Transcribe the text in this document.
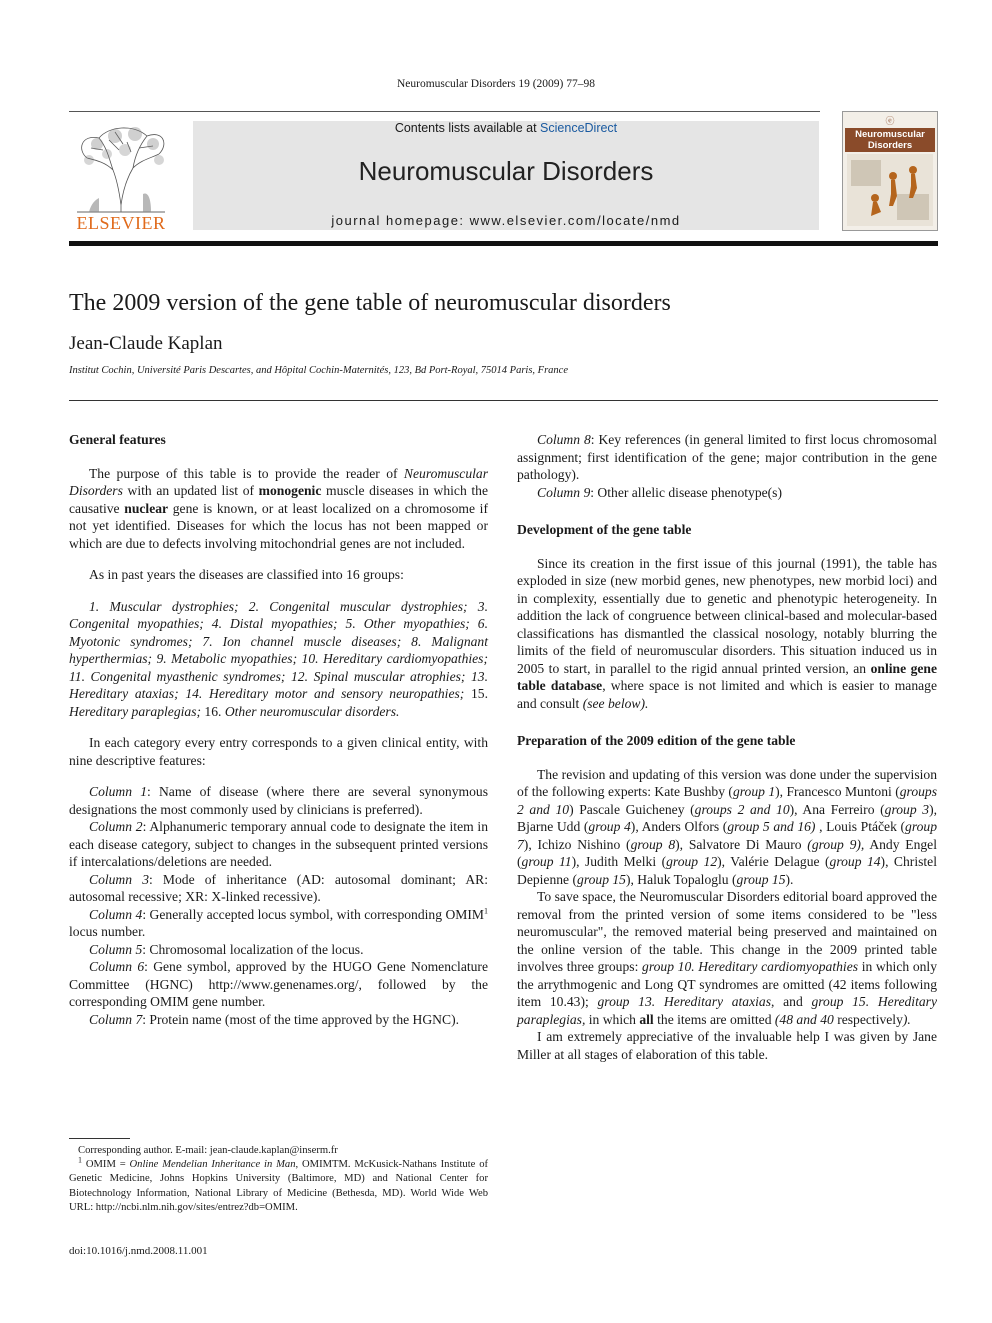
Neuromuscular Disorders 19 (2009) 77–98
Contents lists available at ScienceDirect
Neuromuscular Disorders
journal homepage: www.elsevier.com/locate/nmd
ELSEVIER
ⓔ
Neuromuscular
Disorders
The 2009 version of the gene table of neuromuscular disorders
Jean-Claude Kaplan
Institut Cochin, Université Paris Descartes, and Hôpital Cochin-Maternités, 123, Bd Port-Royal, 75014 Paris, France
General features

The purpose of this table is to provide the reader of Neuromuscular Disorders with an updated list of monogenic muscle diseases in which the causative nuclear gene is known, or at least localized on a chromosome if not yet identified. Diseases for which the locus has not been mapped or which are due to defects involving mitochondrial genes are not included.

As in past years the diseases are classified into 16 groups:

1. Muscular dystrophies; 2. Congenital muscular dystrophies; 3. Congenital myopathies; 4. Distal myopathies; 5. Other myopathies; 6. Myotonic syndromes; 7. Ion channel muscle diseases; 8. Malignant hyperthermias; 9. Metabolic myopathies; 10. Hereditary cardiomyopathies; 11. Congenital myasthenic syndromes; 12. Spinal muscular atrophies; 13. Hereditary ataxias; 14. Hereditary motor and sensory neuropathies; 15. Hereditary paraplegias; 16. Other neuromuscular disorders.

In each category every entry corresponds to a given clinical entity, with nine descriptive features:

Column 1: Name of disease (where there are several synonymous designations the most commonly used by clinicians is preferred).

Column 2: Alphanumeric temporary annual code to designate the item in each disease category, subject to changes in the subsequent printed versions if intercalations/deletions are needed.

Column 3: Mode of inheritance (AD: autosomal dominant; AR: autosomal recessive; XR: X-linked recessive).

Column 4: Generally accepted locus symbol, with corresponding OMIM$^1$ locus number.

Column 5: Chromosomal localization of the locus.

Column 6: Gene symbol, approved by the HUGO Gene Nomenclature Committee (HGNC) http://www.genenames.org/, followed by the corresponding OMIM gene number.

Column 7: Protein name (most of the time approved by the HGNC).

Column 8: Key references (in general limited to first locus chromosomal assignment; first identification of the gene; major contribution in the gene pathology).

Column 9: Other allelic disease phenotype(s)

Development of the gene table

Since its creation in the first issue of this journal (1991), the table has exploded in size (new morbid genes, new phenotypes, new morbid loci) and in complexity, essentially due to genetic and phenotypic heterogeneity. In addition the lack of congruence between clinical-based and molecular-based classifications has dismantled the classical nosology, notably blurring the limits of the field of neuromuscular disorders. This situation induced us in 2005 to start, in parallel to the rigid annual printed version, an online gene table database, where space is not limited and which is easier to manage and consult (see below).

Preparation of the 2009 edition of the gene table

The revision and updating of this version was done under the supervision of the following experts: Kate Bushby (group 1), Francesco Muntoni (groups 2 and 10) Pascale Guicheney (groups 2 and 10), Ana Ferreiro (group 3), Bjarne Udd (group 4), Anders Olfors (group 5 and 16) , Louis Ptáček (group 7), Ichizo Nishino (group 8), Salvatore Di Mauro (group 9), Andy Engel (group 11), Judith Melki (group 12), Valérie Delague (group 14), Christel Depienne (group 15), Haluk Topaloglu (group 15).

To save space, the Neuromuscular Disorders editorial board approved the removal from the printed version of some items considered to be "less neuromuscular", the removed material being preserved and maintained on the online version of the table. This change in the 2009 printed table involves three groups: group 10. Hereditary cardiomyopathies in which only the arrythmogenic and Long QT syndromes are omitted (42 items following item 10.43); group 13. Hereditary ataxias, and group 15. Hereditary paraplegias, in which all the items are omitted (48 and 40 respectively).

I am extremely appreciative of the invaluable help I was given by Jane Miller at all stages of elaboration of this table.

Corresponding author. E-mail: jean-claude.kaplan@inserm.fr

$^1$ OMIM = Online Mendelian Inheritance in Man, OMIMTM. McKusick-Nathans Institute of Genetic Medicine, Johns Hopkins University (Baltimore, MD) and National Center for Biotechnology Information, National Library of Medicine (Bethesda, MD). World Wide Web URL: http://ncbi.nlm.nih.gov/sites/entrez?db=OMIM.

doi:10.1016/j.nmd.2008.11.001
